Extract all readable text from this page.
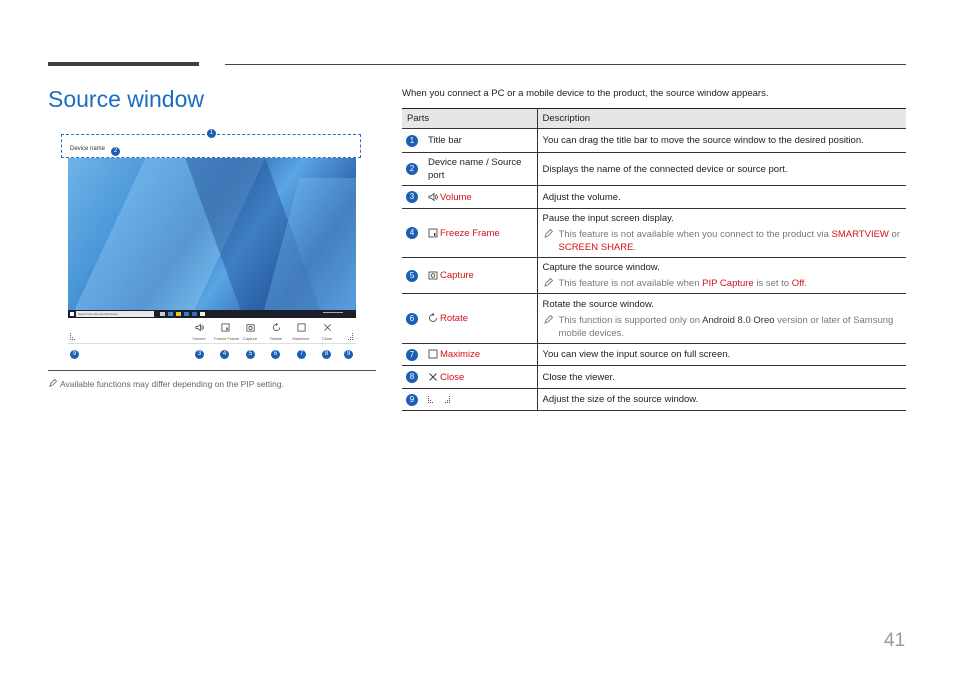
Source window
1
Device name	2
Search the web and Windows
Volume	Freeze Frame Capture	Rotate	Maximize	Close
9	3	4	5	6	7	8	9
Available functions may differ depending on the PIP setting.

When you connect a PC or a mobile device to the product, the source window appears.

Parts	Description

1 Title bar	You can drag the title bar to move the source window to the desired position.

2
Device name / Source port	Displays the name of the connected device or source port.

3 Volume	Adjust the volume.

4 Freeze Frame	Pause the input screen display.
This feature is not available when you connect to the product via SMARTVIEW or SCREEN SHARE.

5 Capture	Capture the source window.
This feature is not available when PIP Capture is set to Off.

6 Rotate	Rotate the source window.
This function is supported only on Android 8.0 Oreo version or later of Samsung mobile devices.

7 Maximize	You can view the input source on full screen.

8 Close	Close the viewer.

9	Adjust the size of the source window.
41
